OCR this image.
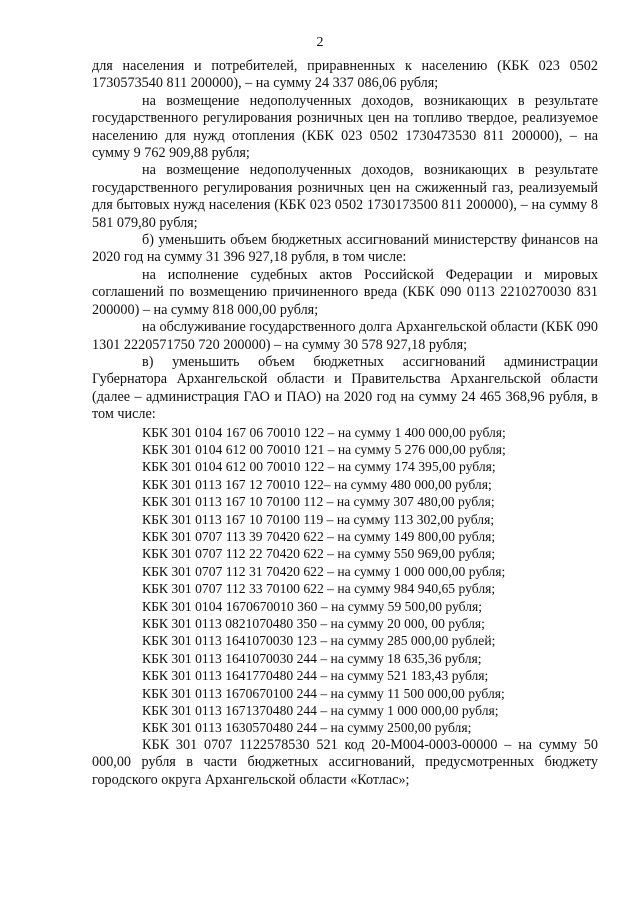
2

для населения и потребителей, приравненных к населению (КБК 023 0502 1730573540 811 200000), – на сумму 24 337 086,06 рубля;

на возмещение недополученных доходов, возникающих в результате государственного регулирования розничных цен на топливо твердое, реализуемое населению для нужд отопления (КБК 023 0502 1730473530 811 200000), – на сумму 9 762 909,88 рубля;

на возмещение недополученных доходов, возникающих в результате государственного регулирования розничных цен на сжиженный газ, реализуемый для бытовых нужд населения (КБК 023 0502 1730173500 811 200000), – на сумму 8 581 079,80 рубля;

б) уменьшить объем бюджетных ассигнований министерству финансов на 2020 год на сумму 31 396 927,18 рубля, в том числе:

на исполнение судебных актов Российской Федерации и мировых соглашений по возмещению причиненного вреда (КБК 090 0113 2210270030 831 200000) – на сумму 818 000,00 рубля;

на обслуживание государственного долга Архангельской области (КБК 090 1301 2220571750 720 200000) – на сумму 30 578 927,18 рубля;

в) уменьшить объем бюджетных ассигнований администрации Губернатора Архангельской области и Правительства Архангельской области (далее – администрация ГАО и ПАО) на 2020 год на сумму 24 465 368,96 рубля, в том числе:

КБК 301 0104 167 06 70010 122 – на сумму 1 400 000,00 рубля;

КБК 301 0104 612 00 70010 121 – на сумму 5 276 000,00 рубля;

КБК 301 0104 612 00 70010 122 – на сумму 174 395,00 рубля;

КБК 301 0113 167 12 70010 122– на сумму 480 000,00 рубля;

КБК 301 0113 167 10 70100 112 – на сумму 307 480,00 рубля;

КБК 301 0113 167 10 70100 119 – на сумму 113 302,00 рубля;

КБК 301 0707 113 39 70420 622 – на сумму 149 800,00 рубля;

КБК 301 0707 112 22 70420 622 – на сумму 550 969,00 рубля;

КБК 301 0707 112 31 70420 622 – на сумму 1 000 000,00 рубля;

КБК 301 0707 112 33 70100 622 – на сумму 984 940,65 рубля;

КБК 301 0104 1670670010 360 – на сумму 59 500,00 рубля;

КБК 301 0113 0821070480 350 – на сумму 20 000, 00 рубля;

КБК 301 0113 1641070030 123 – на сумму 285 000,00 рублей;

КБК 301 0113 1641070030 244 – на сумму 18 635,36 рубля;

КБК 301 0113 1641770480 244 – на сумму 521 183,43 рубля;

КБК 301 0113 1670670100 244 – на сумму 11 500 000,00 рубля;

КБК 301 0113 1671370480 244 – на сумму 1 000 000,00 рубля;

КБК 301 0113 1630570480 244 – на сумму 2500,00 рубля;

КБК 301 0707 1122578530 521 код 20-М004-0003-00000 – на сумму 50 000,00 рубля в части бюджетных ассигнований, предусмотренных бюджету городского округа Архангельской области «Котлас»;
